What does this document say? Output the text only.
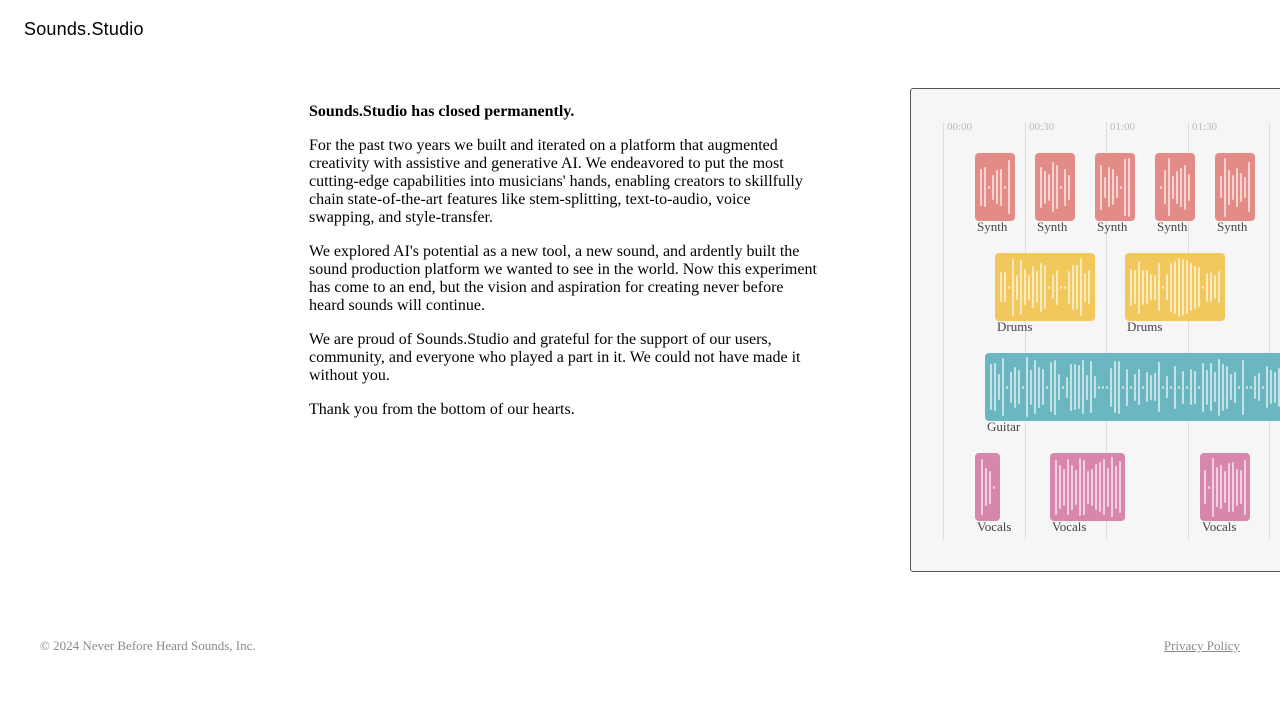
Sounds . Studio

Sounds.Studio has closed permanently.

For the past two years we built and iterated on a platform that augmented creativity with assistive and generative AI. We endeavored to put the most cutting-edge capabilities into musicians' hands, enabling creators to skillfully chain state-of-the-art features like stem-splitting, text-to-audio, voice swapping, and style-transfer.

We explored AI's potential as a new tool, a new sound, and ardently built the sound production platform we wanted to see in the world. Now this experiment has come to an end, but the vision and aspiration for creating never before heard sounds will continue.

We are proud of Sounds.Studio and grateful for the support of our users, community, and everyone who played a part in it. We could not have made it without you.

Thank you from the bottom of our hearts.

00:00	00:30	01:00	01:30
Synth Synth Synth Synth Synth
Drums	Drums
Guitar
Vocals	Vocals	Vocals
© 2024 Never Before Heard Sounds, Inc.	Privacy Policy
